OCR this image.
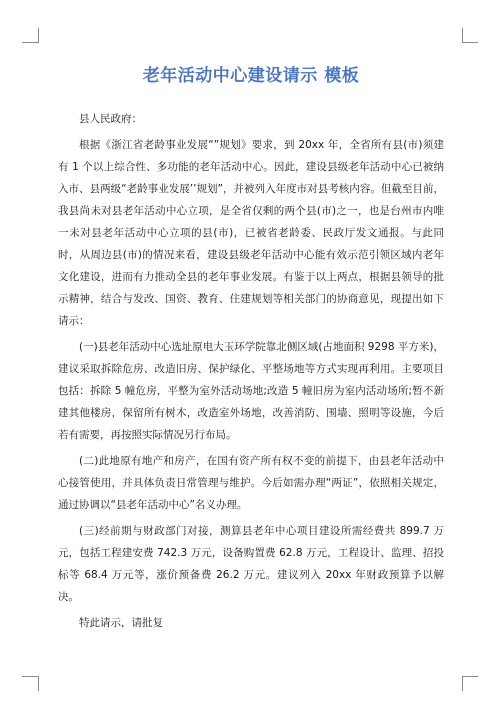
老年活动中心建设请示 模板

县人民政府：

根据《浙江省老龄事业发展“”规划》要求，到 20xx 年，全省所有县(市)须建有 1 个以上综合性、多功能的老年活动中心。因此，建设县级老年活动中心已被纳入市、县两级“老龄事业发展’’规划”，并被列入年度市对县考核内容。但截至目前，我县尚未对县老年活动中心立项，是全省仅剩的两个县(市)之一，也是台州市内唯一未对县老年活动中心立项的县(市)，已被省老龄委、民政厅发文通报。与此同时，从周边县(市)的情况来看，建设县级老年活动中心能有效示范引领区域内老年文化建设，进而有力推动全县的老年事业发展。有鉴于以上两点，根据县领导的批示精神，结合与发改、国资、教育、住建规划等相关部门的协商意见，现提出如下请示：

(一)县老年活动中心选址原电大玉环学院靠北侧区域(占地面积 9298 平方米)，建议采取拆除危房、改造旧房、保护绿化、平整场地等方式实现再利用。主要项目包括：拆除 5 幢危房，平整为室外活动场地;改造 5 幢旧房为室内活动场所;暂不新建其他楼房，保留所有树木，改造室外场地，改善消防、围墙、照明等设施，今后若有需要，再按照实际情况另行布局。

(二)此地原有地产和房产，在国有资产所有权不变的前提下，由县老年活动中心接管使用，并具体负责日常管理与维护。今后如需办理“两证”，依照相关规定，通过协调以“县老年活动中心”名义办理。

(三)经前期与财政部门对接，测算县老年中心项目建设所需经费共 899.7 万元，包括工程建安费 742.3 万元，设备购置费 62.8 万元，工程设计、监理、招投标等 68.4 万元等，涨价预备费 26.2 万元。建议列入 20xx 年财政预算予以解决。

特此请示，请批复
